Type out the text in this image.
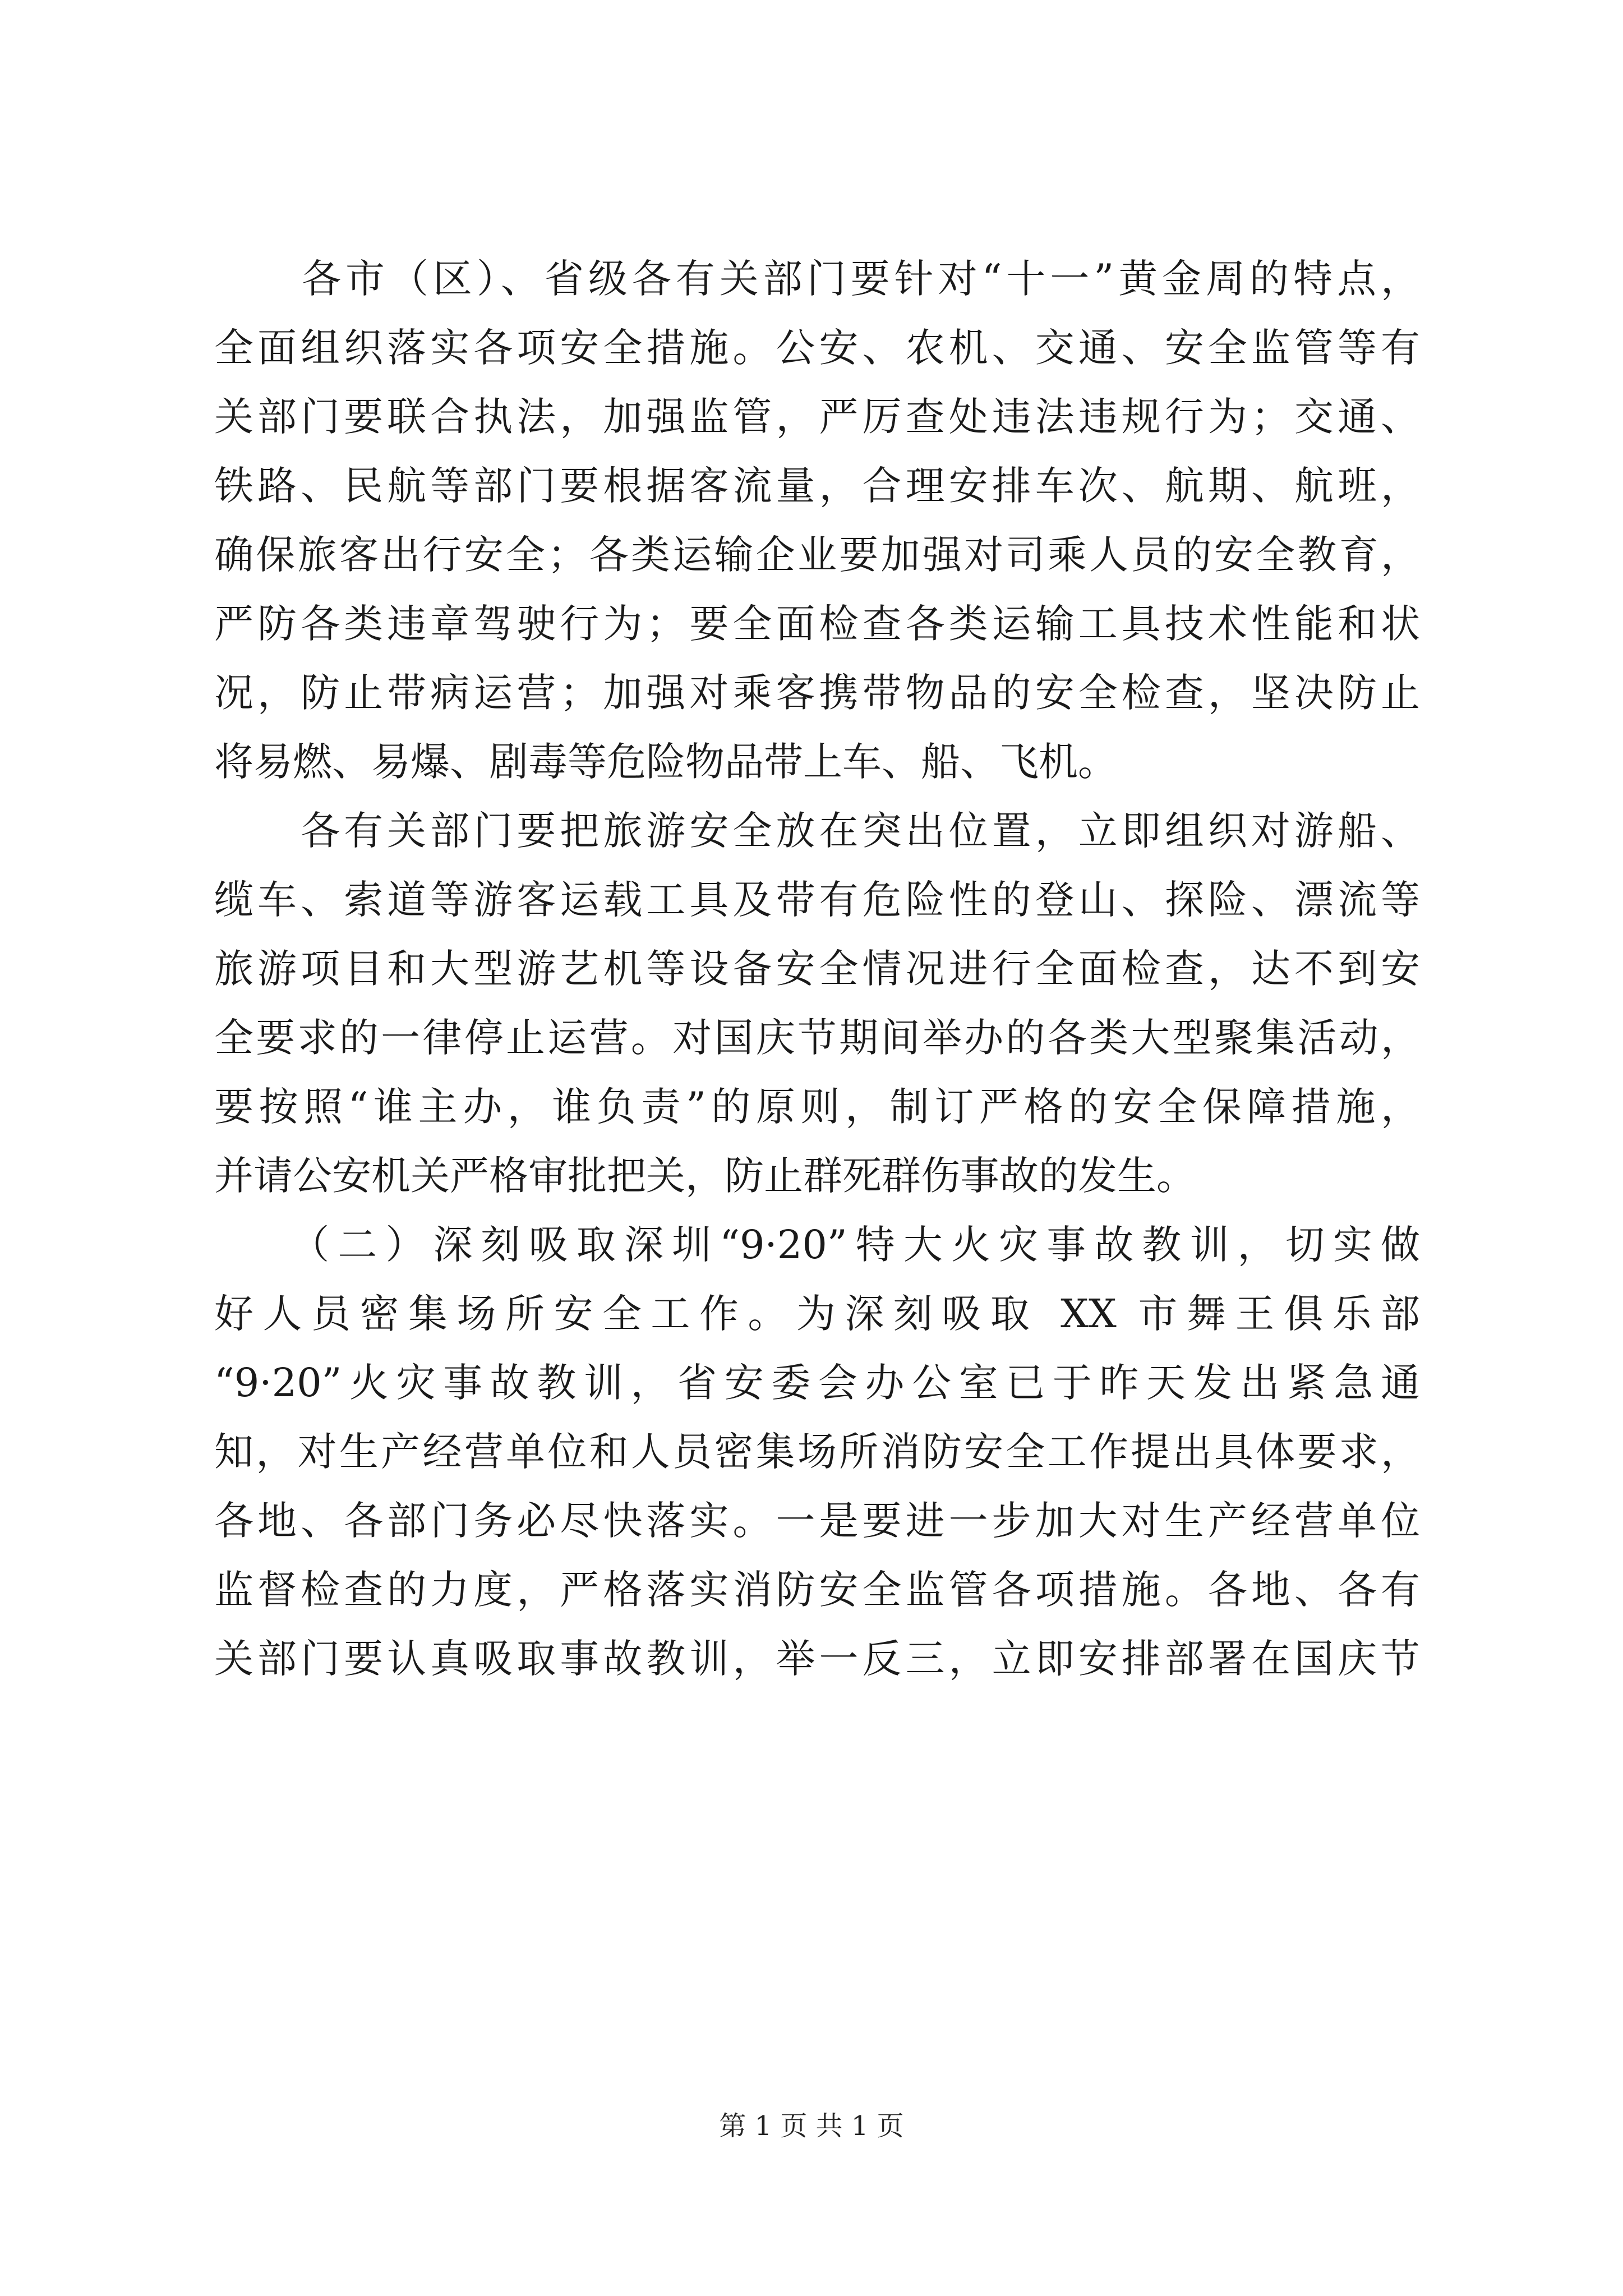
　　各市（区）、省级各有关部门要针对“十一”黄金周的特点，
全面组织落实各项安全措施。公安、农机、交通、安全监管等有
关部门要联合执法，加强监管，严厉查处违法违规行为；交通、
铁路、民航等部门要根据客流量，合理安排车次、航期、航班，
确保旅客出行安全；各类运输企业要加强对司乘人员的安全教育，
严防各类违章驾驶行为；要全面检查各类运输工具技术性能和状
况，防止带病运营；加强对乘客携带物品的安全检查，坚决防止
将易燃、易爆、剧毒等危险物品带上车、船、飞机。
　　各有关部门要把旅游安全放在突出位置，立即组织对游船、
缆车、索道等游客运载工具及带有危险性的登山、探险、漂流等
旅游项目和大型游艺机等设备安全情况进行全面检查，达不到安
全要求的一律停止运营。对国庆节期间举办的各类大型聚集活动，
要按照“谁主办，谁负责”的原则，制订严格的安全保障措施，
并请公安机关严格审批把关，防止群死群伤事故的发生。
　　（二）深刻吸取深圳“9·20”特大火灾事故教训，切实做
好人员密集场所安全工作。为深刻吸取 XX 市舞王俱乐部
“9·20”火灾事故教训，省安委会办公室已于昨天发出紧急通
知，对生产经营单位和人员密集场所消防安全工作提出具体要求，
各地、各部门务必尽快落实。一是要进一步加大对生产经营单位
监督检查的力度，严格落实消防安全监管各项措施。各地、各有
关部门要认真吸取事故教训，举一反三，立即安排部署在国庆节
第 1 页 共 1 页
